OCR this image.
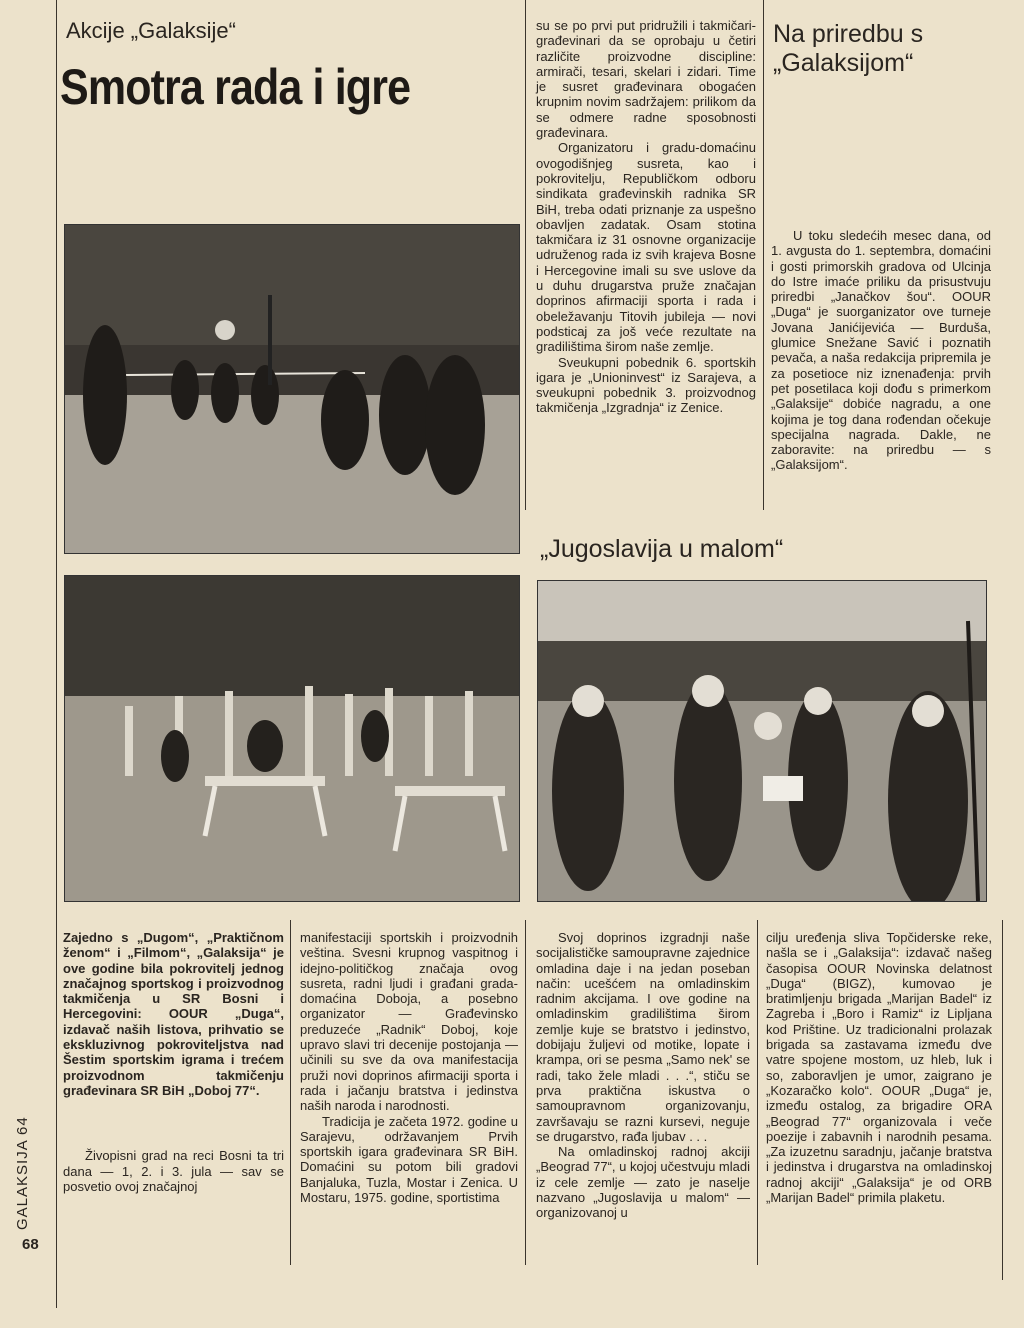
Akcije „Galaksije“
Smotra rada i igre

su se po prvi put pridružili i takmičari-građevinari da se oprobaju u četiri različite proizvodne discipline: armirači, tesari, skelari i zidari. Time je susret građevinara obogaćen krupnim novim sadržajem: prilikom da se odmere radne sposobnosti građevinara.

Organizatoru i gradu-domaćinu ovogodišnjeg susreta, kao i pokrovitelju, Republičkom odboru sindikata građevinskih radnika SR BiH, treba odati priznanje za uspešno obavljen zadatak. Osam stotina takmičara iz 31 osnovne organizacije udruženog rada iz svih krajeva Bosne i Hercegovine imali su sve uslove da u duhu drugarstva pruže značajan doprinos afirmaciji sporta i rada i obeležavanju Titovih jubileja — novi podsticaj za još veće rezultate na gradilištima širom naše zemlje.

Sveukupni pobednik 6. sportskih igara je „Unioninvest“ iz Sarajeva, a sveukupni pobednik 3. proizvodnog takmičenja „Izgradnja“ iz Zenice.

Na priredbu s „Galaksijom“

U toku sledećih mesec dana, od 1. avgusta do 1. septembra, domaćini i gosti primorskih gradova od Ulcinja do Istre imaće priliku da prisustvuju priredbi „Janačkov šou“. OOUR „Duga“ je suorganizator ove turneje Jovana Janićijevića — Burduša, glumice Snežane Savić i poznatih pevača, a naša redakcija pripremila je za posetioce niz iznenađenja: prvih pet posetilaca koji dođu s primerkom „Galaksije“ dobiće nagradu, a one kojima je tog dana rođendan očekuje specijalna nagrada. Dakle, ne zaboravite: na priredbu — s „Galaksijom“.

„Jugoslavija u malom“

Zajedno s „Dugom“, „Praktičnom ženom“ i „Filmom“, „Galaksija“ je ove godine bila pokrovitelj jednog značajnog sportskog i proizvodnog takmičenja u SR Bosni i Hercegovini: OOUR „Duga“, izdavač naših listova, prihvatio se ekskluzivnog pokroviteljstva nad Šestim sportskim igrama i trećem proizvodnom takmičenju građevinara SR BiH „Doboj 77“.

Živopisni grad na reci Bosni ta tri dana — 1, 2. i 3. jula — sav se posvetio ovoj značajnoj

manifestaciji sportskih i proizvodnih veština. Svesni krupnog vaspitnog i idejno-političkog značaja ovog susreta, radni ljudi i građani grada-domaćina Doboja, a posebno organizator — Građevinsko preduzeće „Radnik“ Doboj, koje upravo slavi tri decenije postojanja — učinili su sve da ova manifestacija pruži novi doprinos afirmaciji sporta i rada i jačanju bratstva i jedinstva naših naroda i narodnosti.

Tradicija je začeta 1972. godine u Sarajevu, održavanjem Prvih sportskih igara građevinara SR BiH. Domaćini su potom bili gradovi Banjaluka, Tuzla, Mostar i Zenica. U Mostaru, 1975. godine, sportistima

Svoj doprinos izgradnji naše socijalističke samoupravne zajednice omladina daje i na jedan poseban način: ucešćem na omladinskim radnim akcijama. I ove godine na omladinskim gradilištima širom zemlje kuje se bratstvo i jedinstvo, dobijaju žuljevi od motike, lopate i krampa, ori se pesma „Samo nek' se radi, tako žele mladi . . .“, stiču se prva praktična iskustva o samoupravnom organizovanju, završavaju se razni kursevi, neguje se drugarstvo, rađa ljubav . . .

Na omladinskoj radnoj akciji „Beograd 77“, u kojoj učestvuju mladi iz cele zemlje — zato je naselje nazvano „Jugoslavija u malom“ — organizovanoj u

cilju uređenja sliva Topčiderske reke, našla se i „Galaksija“: izdavač našeg časopisa OOUR Novinska delatnost „Duga“ (BIGZ), kumovao je bratimljenju brigada „Marijan Badel“ iz Zagreba i „Boro i Ramiz“ iz Lipljana kod Prištine. Uz tradicionalni prolazak brigada sa zastavama između dve vatre spojene mostom, uz hleb, luk i so, zaboravljen je umor, zaigrano je „Kozaračko kolo“. OOUR „Duga“ je, između ostalog, za brigadire ORA „Beograd 77“ organizovala i veče poezije i zabavnih i narodnih pesama. „Za izuzetnu saradnju, jačanje bratstva i jedinstva i drugarstva na omladinskoj radnoj akciji“ „Galaksija“ je od ORB „Marijan Badel“ primila plaketu.

GALAKSIJA 64
68
